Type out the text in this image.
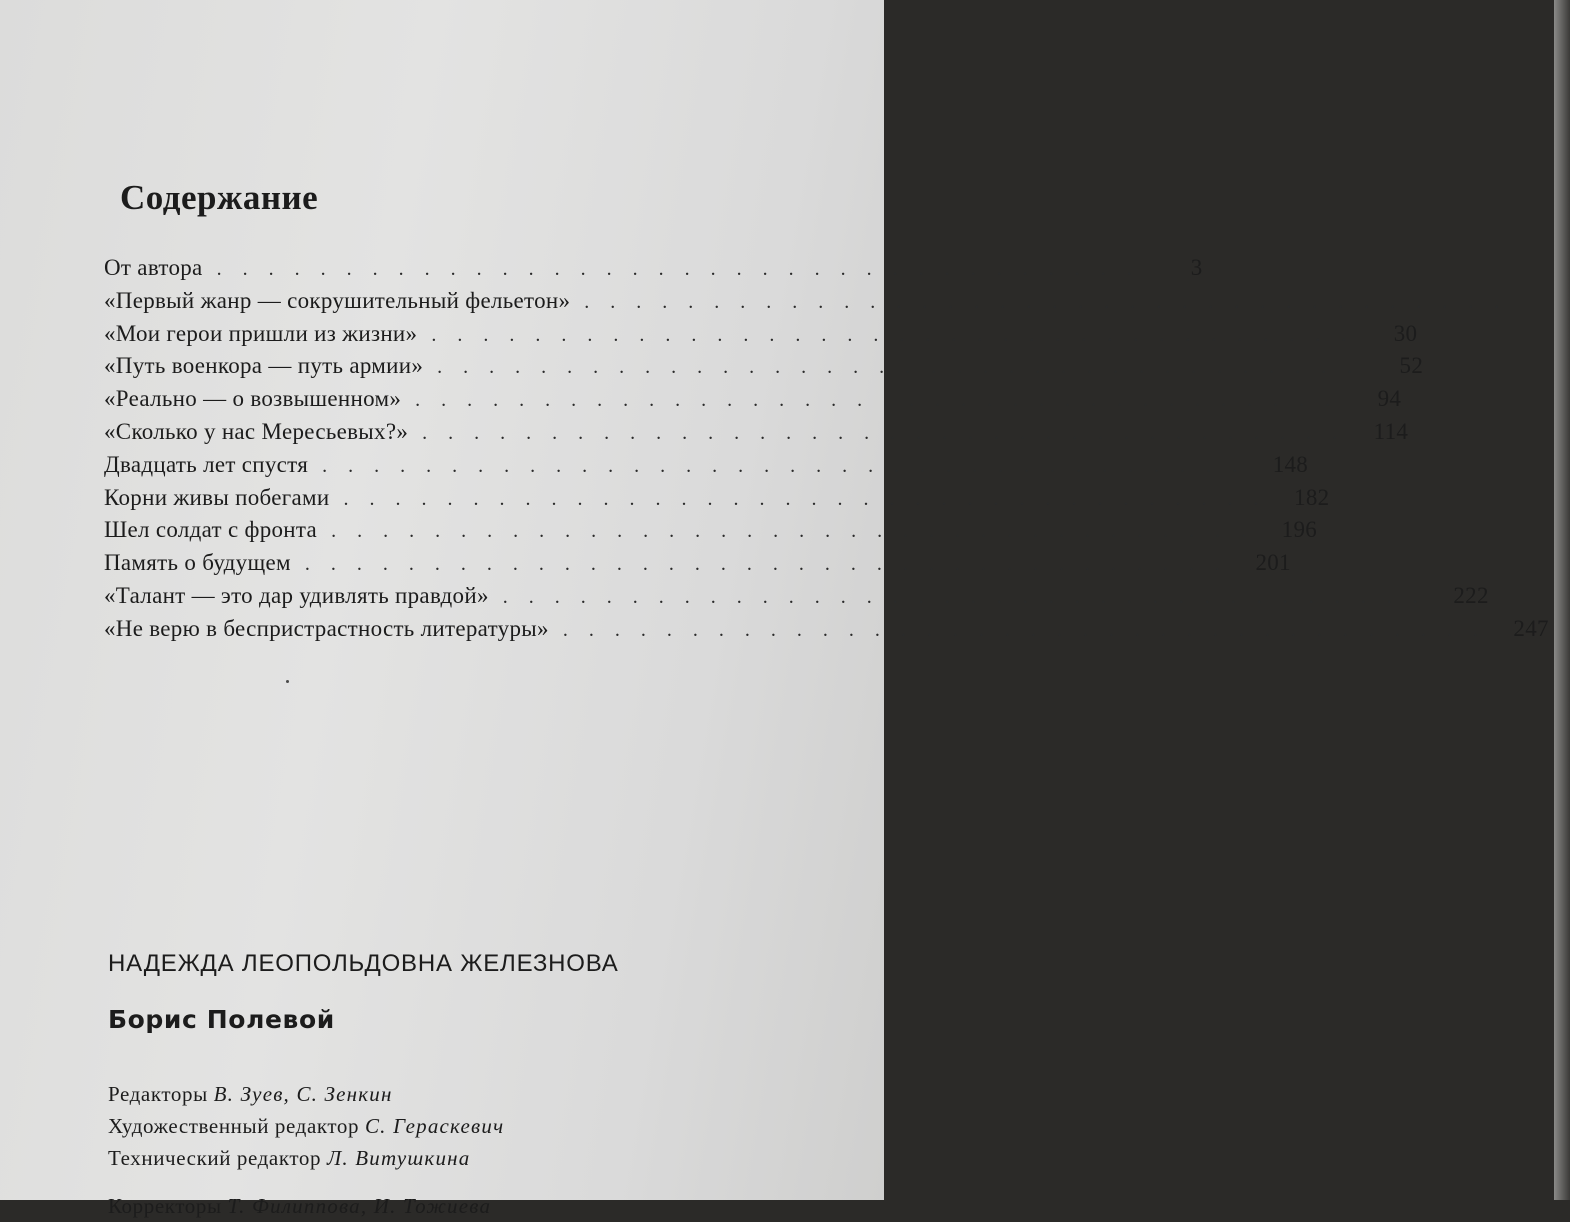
Содержание
От автора ....................................	3
«Первый жанр — сокрушительный фельетон» ....................................
«Мои герои пришли из жизни» ....................................	30
«Путь военкора — путь армии» ....................................	52
«Реально — о возвышенном» ....................................	94
«Сколько у нас Мересьевых?» .................................... 114
Двадцать лет спустя .................................... 148
Корни живы побегами .................................... 182
Шел солдат с фронта .................................... 196
Память о будущем .................................... 201
«Талант — это дар удивлять правдой» .................................... 222
«Не верю в беспристрастность литературы» .................................... 247

НАДЕЖДА ЛЕОПОЛЬДОВНА ЖЕЛЕЗНОВА

Борис Полевой

Редакторы В. Зуев, С. Зенкин
Художественный редактор С. Гераскевич
Технический редактор Л. Витушкина
Корректоры Т. Филиппова, И. Тожиева
